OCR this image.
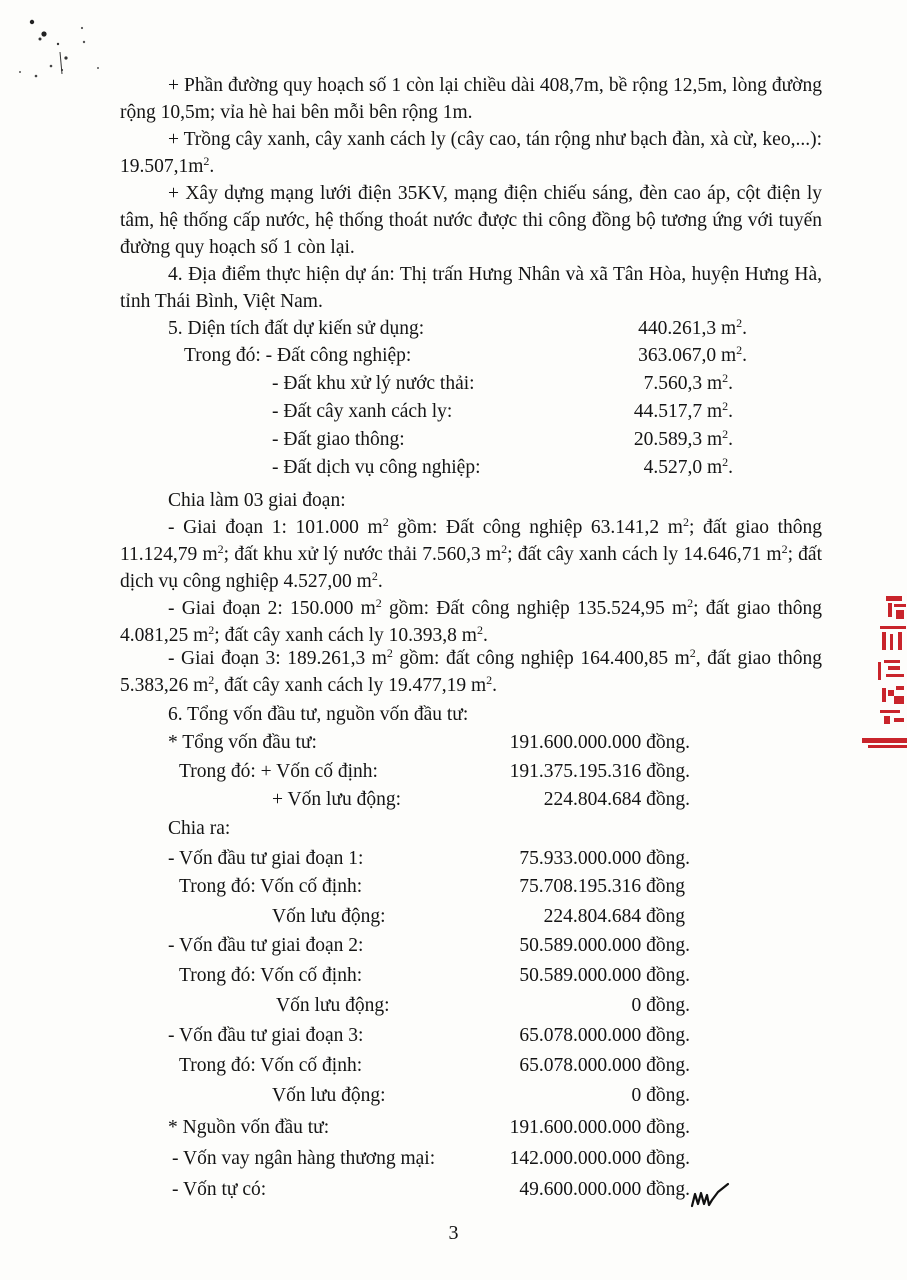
+ Phần đường quy hoạch số 1 còn lại chiều dài 408,7m, bề rộng 12,5m, lòng đường rộng 10,5m; vỉa hè hai bên mỗi bên rộng 1m.

+ Trồng cây xanh, cây xanh cách ly (cây cao, tán rộng như bạch đàn, xà cừ, keo,...): $19.507,1m^2$.

+ Xây dựng mạng lưới điện 35KV, mạng điện chiếu sáng, đèn cao áp, cột điện ly tâm, hệ thống cấp nước, hệ thống thoát nước được thi công đồng bộ tương ứng với tuyến đường quy hoạch số 1 còn lại.

4. Địa điểm thực hiện dự án: Thị trấn Hưng Nhân và xã Tân Hòa, huyện Hưng Hà, tỉnh Thái Bình, Việt Nam.

5. Diện tích đất dự kiến sử dụng:	440.261,3 $m^2$.
Trong đó: - Đất công nghiệp:	363.067,0 $m^2$.
- Đất khu xử lý nước thải:	7.560,3 $m^2$.
- Đất cây xanh cách ly:	44.517,7 $m^2$.
- Đất giao thông:	20.589,3 $m^2$.
- Đất dịch vụ công nghiệp:	4.527,0 $m^2$.

Chia làm 03 giai đoạn:

- Giai đoạn 1: 101.000 $m^2$ gồm: Đất công nghiệp 63.141,2 $m^2$; đất giao thông 11.124,79 $m^2$; đất khu xử lý nước thải 7.560,3 $m^2$; đất cây xanh cách ly 14.646,71 $m^2$; đất dịch vụ công nghiệp 4.527,00 $m^2$.

- Giai đoạn 2: 150.000 $m^2$ gồm: Đất công nghiệp 135.524,95 $m^2$; đất giao thông 4.081,25 $m^2$; đất cây xanh cách ly 10.393,8 $m^2$.

- Giai đoạn 3: 189.261,3 $m^2$ gồm: đất công nghiệp 164.400,85 $m^2$, đất giao thông 5.383,26 $m^2$, đất cây xanh cách ly 19.477,19 $m^2$.

6. Tổng vốn đầu tư, nguồn vốn đầu tư:

* Tổng vốn đầu tư:	191.600.000.000 đồng.
Trong đó: + Vốn cố định:	191.375.195.316 đồng.
+ Vốn lưu động:	224.804.684 đồng.

Chia ra:

- Vốn đầu tư giai đoạn 1:	75.933.000.000 đồng.
Trong đó: Vốn cố định:	75.708.195.316 đồng
Vốn lưu động:	224.804.684 đồng
- Vốn đầu tư giai đoạn 2:	50.589.000.000 đồng.
Trong đó: Vốn cố định:	50.589.000.000 đồng.
Vốn lưu động:	0 đồng.
- Vốn đầu tư giai đoạn 3:	65.078.000.000 đồng.
Trong đó: Vốn cố định:	65.078.000.000 đồng.
Vốn lưu động:	0 đồng.
* Nguồn vốn đầu tư:	191.600.000.000 đồng.
- Vốn vay ngân hàng thương mại:	142.000.000.000 đồng.
- Vốn tự có:	49.600.000.000 đồng.
3
